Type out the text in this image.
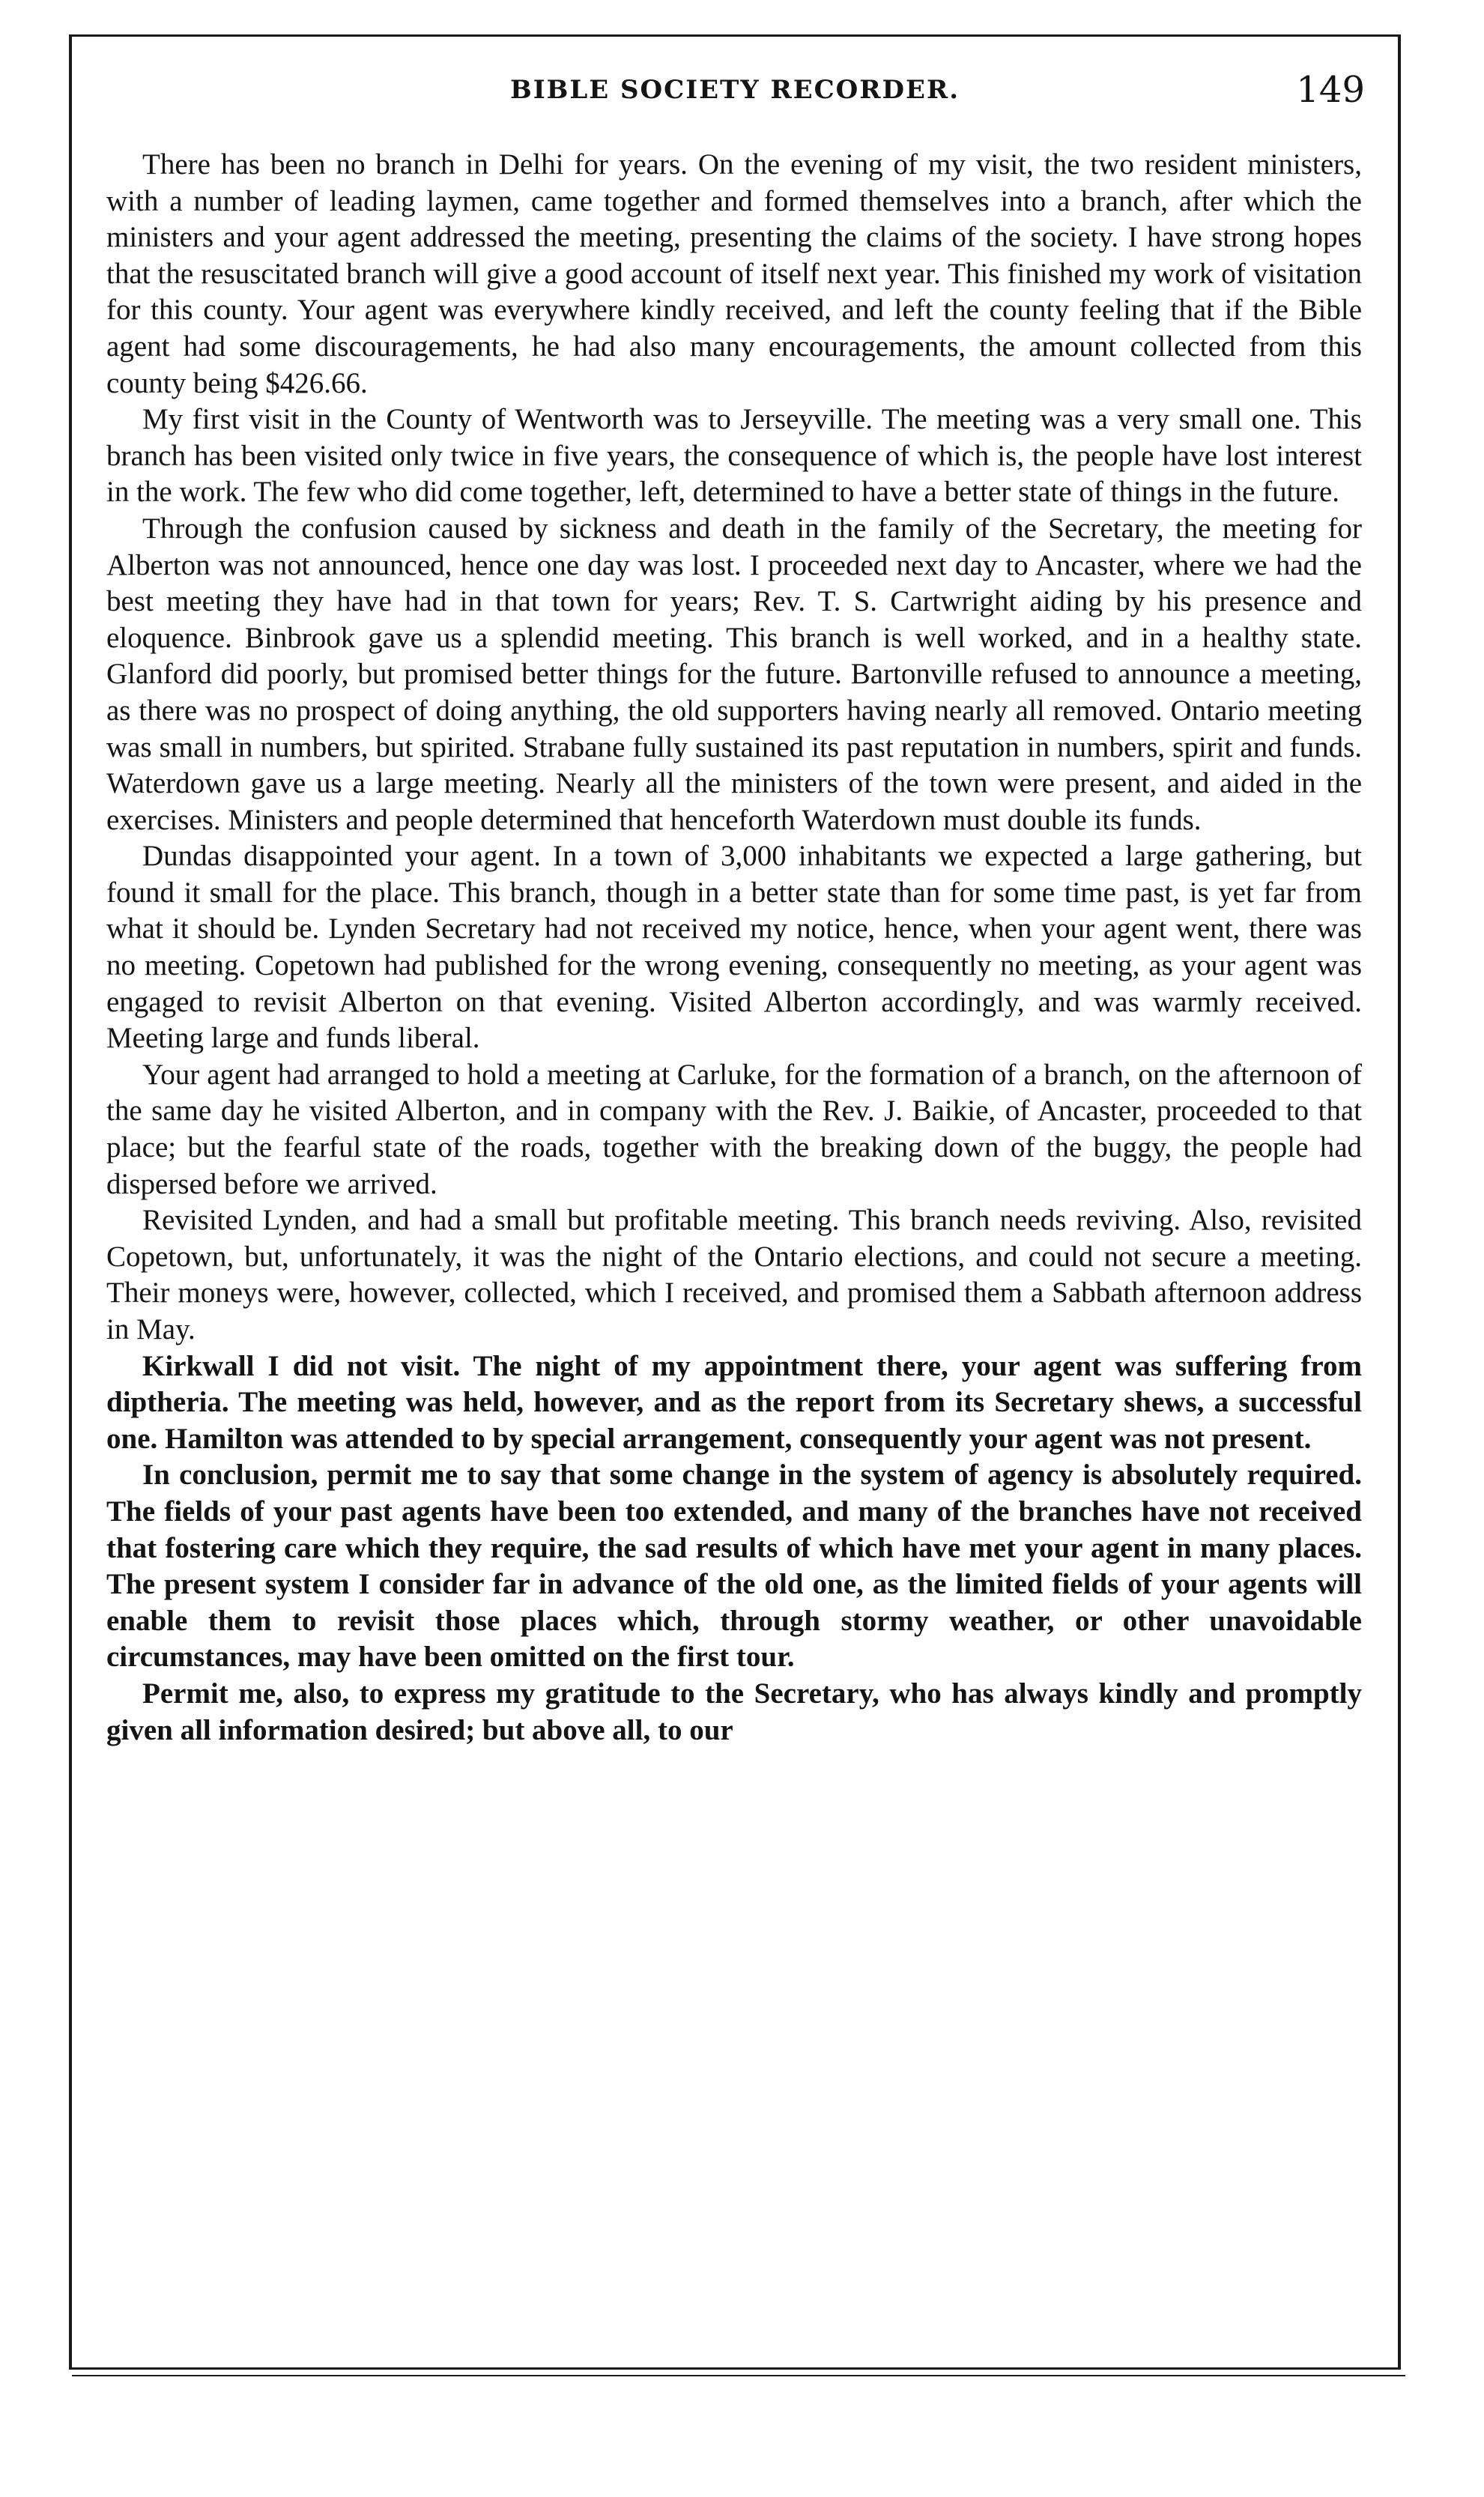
BIBLE SOCIETY RECORDER.	149

There has been no branch in Delhi for years. On the evening of my visit, the two resident ministers, with a number of leading laymen, came together and formed themselves into a branch, after which the ministers and your agent addressed the meeting, presenting the claims of the society. I have strong hopes that the resuscitated branch will give a good account of itself next year. This finished my work of visitation for this county. Your agent was everywhere kindly received, and left the county feeling that if the Bible agent had some discouragements, he had also many encouragements, the amount collected from this county being $426.66.

My first visit in the County of Wentworth was to Jerseyville. The meeting was a very small one. This branch has been visited only twice in five years, the consequence of which is, the people have lost interest in the work. The few who did come together, left, determined to have a better state of things in the future.

Through the confusion caused by sickness and death in the family of the Secretary, the meeting for Alberton was not announced, hence one day was lost. I proceeded next day to Ancaster, where we had the best meeting they have had in that town for years; Rev. T. S. Cartwright aiding by his presence and eloquence. Binbrook gave us a splendid meeting. This branch is well worked, and in a healthy state. Glanford did poorly, but promised better things for the future. Bartonville refused to announce a meeting, as there was no prospect of doing anything, the old supporters having nearly all removed. Ontario meeting was small in numbers, but spirited. Strabane fully sustained its past reputation in numbers, spirit and funds. Waterdown gave us a large meeting. Nearly all the ministers of the town were present, and aided in the exercises. Ministers and people determined that henceforth Waterdown must double its funds.

Dundas disappointed your agent. In a town of 3,000 inhabitants we expected a large gathering, but found it small for the place. This branch, though in a better state than for some time past, is yet far from what it should be. Lynden Secretary had not received my notice, hence, when your agent went, there was no meeting. Copetown had published for the wrong evening, consequently no meeting, as your agent was engaged to revisit Alberton on that evening. Visited Alberton accordingly, and was warmly received. Meeting large and funds liberal.

Your agent had arranged to hold a meeting at Carluke, for the formation of a branch, on the afternoon of the same day he visited Alberton, and in company with the Rev. J. Baikie, of Ancaster, proceeded to that place; but the fearful state of the roads, together with the breaking down of the buggy, the people had dispersed before we arrived.

Revisited Lynden, and had a small but profitable meeting. This branch needs reviving. Also, revisited Copetown, but, unfortunately, it was the night of the Ontario elections, and could not secure a meeting. Their moneys were, however, collected, which I received, and promised them a Sabbath afternoon address in May.

Kirkwall I did not visit. The night of my appointment there, your agent was suffering from diptheria. The meeting was held, however, and as the report from its Secretary shews, a successful one. Hamilton was attended to by special arrangement, consequently your agent was not present.

In conclusion, permit me to say that some change in the system of agency is absolutely required. The fields of your past agents have been too extended, and many of the branches have not received that fostering care which they require, the sad results of which have met your agent in many places. The present system I consider far in advance of the old one, as the limited fields of your agents will enable them to revisit those places which, through stormy weather, or other unavoidable circumstances, may have been omitted on the first tour.

Permit me, also, to express my gratitude to the Secretary, who has always kindly and promptly given all information desired; but above all, to our
